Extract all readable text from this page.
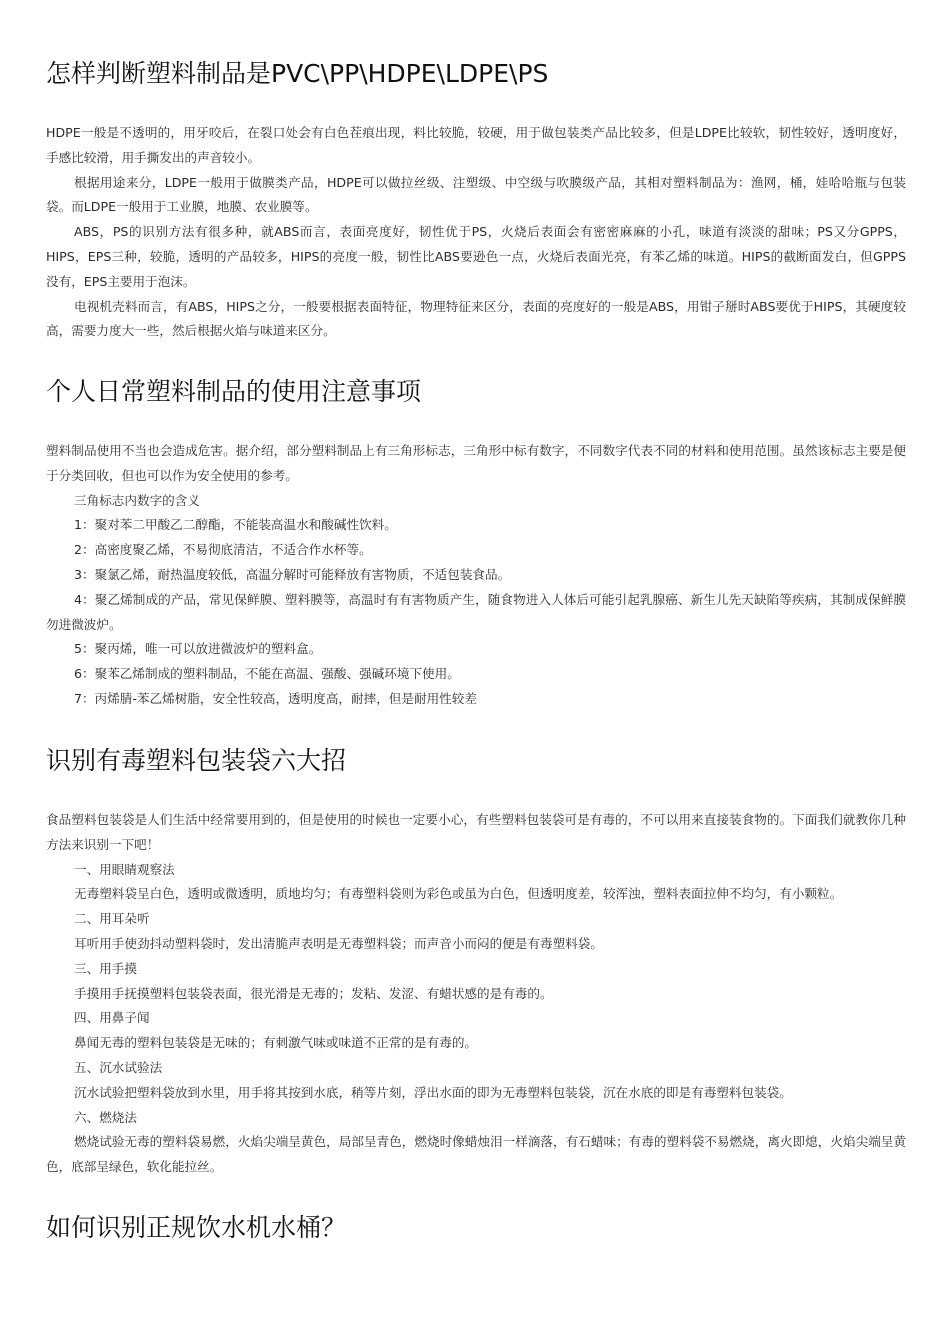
怎样判断塑料制品是PVC\PP\HDPE\LDPE\PS

HDPE一般是不透明的，用牙咬后，在裂口处会有白色茬痕出现，料比较脆，较硬，用于做包装类产品比较多，但是LDPE比较软，韧性较好，透明度好，手感比较滑，用手撕发出的声音较小。

根据用途来分，LDPE一般用于做膜类产品，HDPE可以做拉丝级、注塑级、中空级与吹膜级产品，其相对塑料制品为：渔网，桶，娃哈哈瓶与包装袋。而LDPE一般用于工业膜，地膜、农业膜等。

ABS，PS的识别方法有很多种，就ABS而言，表面亮度好，韧性优于PS，火烧后表面会有密密麻麻的小孔，味道有淡淡的甜味；PS又分GPPS，HIPS，EPS三种，较脆，透明的产品较多，HIPS的亮度一般，韧性比ABS要逊色一点，火烧后表面光亮，有苯乙烯的味道。HIPS的截断面发白，但GPPS没有，EPS主要用于泡沫。

电视机壳料而言，有ABS，HIPS之分，一般要根据表面特征，物理特征来区分，表面的亮度好的一般是ABS，用钳子掰时ABS要优于HIPS，其硬度较高，需要力度大一些，然后根据火焰与味道来区分。

个人日常塑料制品的使用注意事项

塑料制品使用不当也会造成危害。据介绍，部分塑料制品上有三角形标志，三角形中标有数字，不同数字代表不同的材料和使用范围。虽然该标志主要是便于分类回收，但也可以作为安全使用的参考。

三角标志内数字的含义

1：聚对苯二甲酸乙二醇酯，不能装高温水和酸碱性饮料。

2：高密度聚乙烯，不易彻底清洁，不适合作水杯等。

3：聚氯乙烯，耐热温度较低，高温分解时可能释放有害物质，不适包装食品。

4：聚乙烯制成的产品，常见保鲜膜、塑料膜等，高温时有有害物质产生，随食物进入人体后可能引起乳腺癌、新生儿先天缺陷等疾病，其制成保鲜膜勿进微波炉。

5：聚丙烯，唯一可以放进微波炉的塑料盒。

6：聚苯乙烯制成的塑料制品，不能在高温、强酸、强碱环境下使用。

7：丙烯腈-苯乙烯树脂，安全性较高，透明度高，耐摔，但是耐用性较差

识别有毒塑料包装袋六大招

食品塑料包装袋是人们生活中经常要用到的，但是使用的时候也一定要小心，有些塑料包装袋可是有毒的，不可以用来直接装食物的。下面我们就教你几种方法来识别一下吧！

一、用眼睛观察法

无毒塑料袋呈白色，透明或微透明，质地均匀；有毒塑料袋则为彩色或虽为白色，但透明度差，较浑浊，塑料表面拉伸不均匀，有小颗粒。

二、用耳朵听

耳听用手使劲抖动塑料袋时，发出清脆声表明是无毒塑料袋；而声音小而闷的便是有毒塑料袋。

三、用手摸

手摸用手抚摸塑料包装袋表面，很光滑是无毒的；发粘、发涩、有蜡状感的是有毒的。

四、用鼻子闻

鼻闻无毒的塑料包装袋是无味的；有刺激气味或味道不正常的是有毒的。

五、沉水试验法

沉水试验把塑料袋放到水里，用手将其按到水底，稍等片刻，浮出水面的即为无毒塑料包装袋，沉在水底的即是有毒塑料包装袋。

六、燃烧法

燃烧试验无毒的塑料袋易燃，火焰尖端呈黄色，局部呈青色，燃烧时像蜡烛泪一样滴落，有石蜡味；有毒的塑料袋不易燃烧，离火即熄，火焰尖端呈黄色，底部呈绿色，软化能拉丝。

如何识别正规饮水机水桶？
